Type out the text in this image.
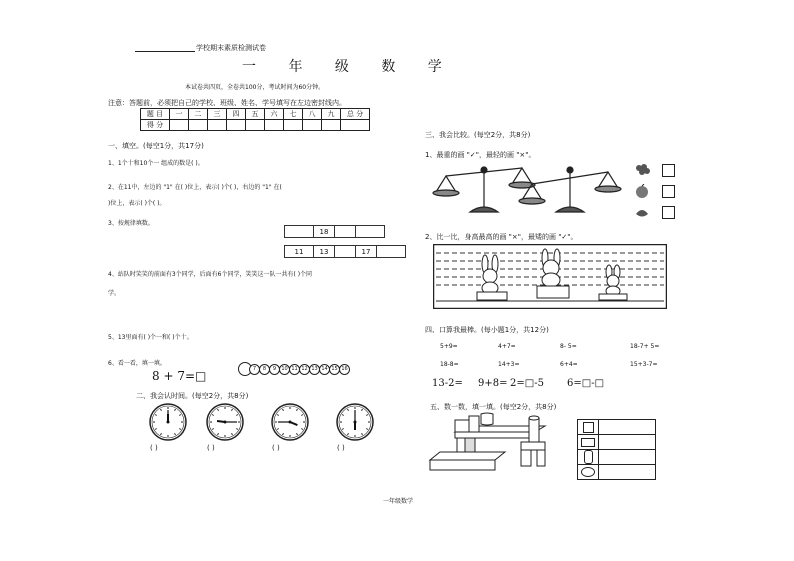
学校期末素质检测试卷
一 年 级 数 学
本试卷共四页，全卷共100分，考试时间为60分钟。
注意：答题前，必须把自己的学校、班级、姓名、学号填写在左边密封线内。
题 目	一	二	三	四	五	六	七	八	九	总 分
得 分										
一、填空。(每空1分，共17分)
1、1个十和10个一 组成的数是( )。
2、在11中，左边的 "1" 在( )位上，表示( )个( )，右边的 "1" 在(
)位上，表示( )个( )。
3、按规律填数。
	18		
11	13		17	
4、站队时笑笑的前面有3个同学，后面有6个同学，笑笑这一队一共有( )个同
学。
5、13里面有( )个一和( )个十。
6、看一看，填一填。
8 + 7=□	7	8	9	10 11 12 13 14 15 16
二、我会认时间。(每空2分，共8分)
( )	( )	( )	( )
三、我会比较。(每空2分，共8分)
1、最重的画 "✓"，最轻的画 "×"。
2、比一比，身高最高的画 "×"，最矮的画 "✓"。
四、口算我最棒。(每小题1分，共12分)
5+9=	4+7=	8- 5=	18-7+ 5=
18-8=	14+3=	6+4=	15+3-7=
13-2= 9+8= 2=□-5 6=□-□
五、数一数，填一填。(每空2分，共8分)

一年级数学
